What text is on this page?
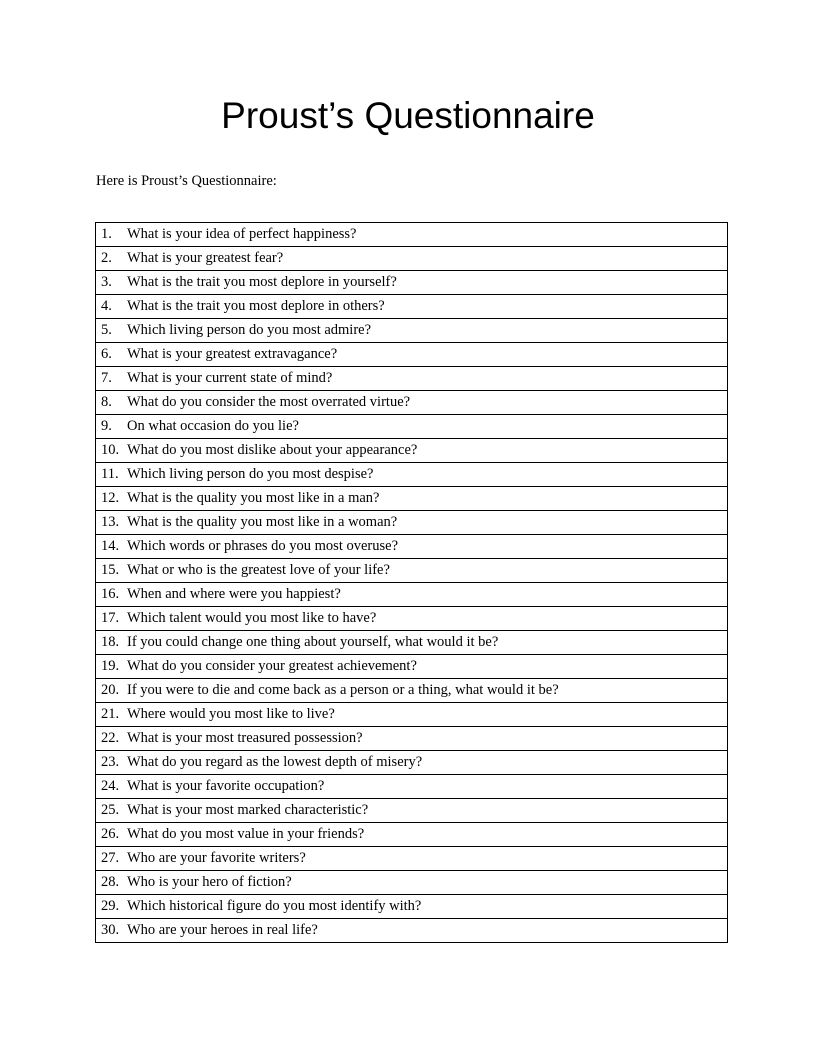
Proust’s Questionnaire

Here is Proust’s Questionnaire:

1. What is your idea of perfect happiness?
2. What is your greatest fear?
3. What is the trait you most deplore in yourself?
4. What is the trait you most deplore in others?
5. Which living person do you most admire?
6. What is your greatest extravagance?
7. What is your current state of mind?
8. What do you consider the most overrated virtue?
9. On what occasion do you lie?
10. What do you most dislike about your appearance?
11. Which living person do you most despise?
12. What is the quality you most like in a man?
13. What is the quality you most like in a woman?
14. Which words or phrases do you most overuse?
15. What or who is the greatest love of your life?
16. When and where were you happiest?
17. Which talent would you most like to have?
18. If you could change one thing about yourself, what would it be?
19. What do you consider your greatest achievement?
20. If you were to die and come back as a person or a thing, what would it be?
21. Where would you most like to live?
22. What is your most treasured possession?
23. What do you regard as the lowest depth of misery?
24. What is your favorite occupation?
25. What is your most marked characteristic?
26. What do you most value in your friends?
27. Who are your favorite writers?
28. Who is your hero of fiction?
29. Which historical figure do you most identify with?
30. Who are your heroes in real life?
